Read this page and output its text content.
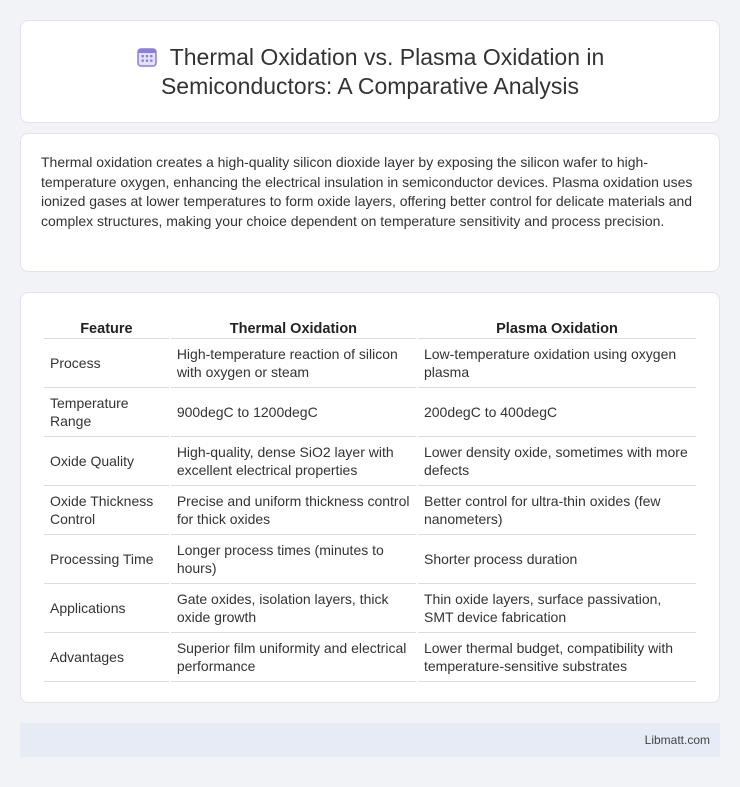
Thermal Oxidation vs. Plasma Oxidation in Semiconductors: A Comparative Analysis

Thermal oxidation creates a high-quality silicon dioxide layer by exposing the silicon wafer to high-temperature oxygen, enhancing the electrical insulation in semiconductor devices. Plasma oxidation uses ionized gases at lower temperatures to form oxide layers, offering better control for delicate materials and complex structures, making your choice dependent on temperature sensitivity and process precision.

Feature	Thermal Oxidation	Plasma Oxidation
Process	High-temperature reaction of silicon with oxygen or steam	Low-temperature oxidation using oxygen plasma
Temperature Range	900degC to 1200degC	200degC to 400degC
Oxide Quality	High-quality, dense SiO2 layer with excellent electrical properties	Lower density oxide, sometimes with more defects
Oxide Thickness Control	Precise and uniform thickness control for thick oxides	Better control for ultra-thin oxides (few nanometers)
Processing Time	Longer process times (minutes to hours)	Shorter process duration
Applications	Gate oxides, isolation layers, thick oxide growth	Thin oxide layers, surface passivation, SMT device fabrication
Advantages	Superior film uniformity and electrical performance	Lower thermal budget, compatibility with temperature-sensitive substrates
Libmatt.com
